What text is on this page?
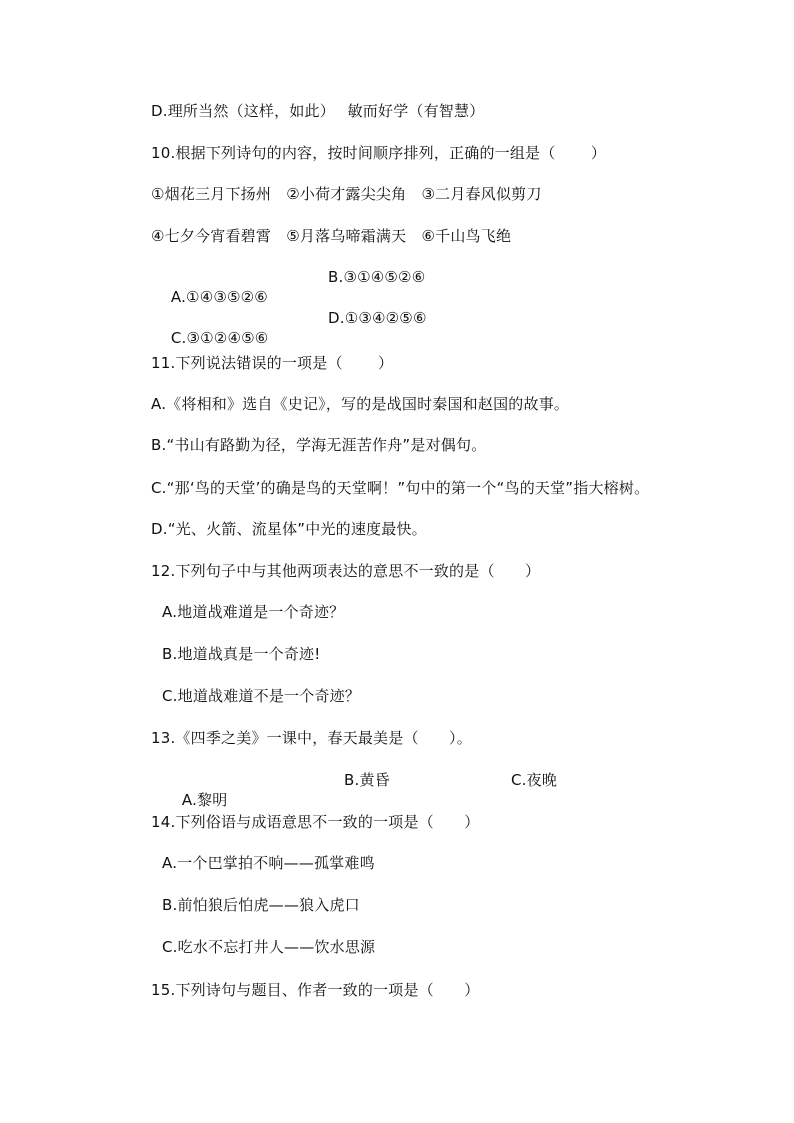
D.理所当然（这样，如此）　 敏而好学（有智慧）
10.根据下列诗句的内容，按时间顺序排列，正确的一组是（　　 ）
①烟花三月下扬州　②小荷才露尖尖角　③二月春风似剪刀
④七夕今宵看碧霄　⑤月落乌啼霜满天　⑥千山鸟飞绝

A.①④③⑤②⑥

B.③①④⑤②⑥

C.③①②④⑤⑥

D.①③④②⑤⑥

11.下列说法错误的一项是（　　 ）
A.《将相和》选自《史记》，写的是战国时秦国和赵国的故事。
B.“书山有路勤为径，学海无涯苦作舟”是对偶句。
C.“那‘鸟的天堂’的确是鸟的天堂啊！”句中的第一个“鸟的天堂”指大榕树。
D.“光、火箭、流星体”中光的速度最快。
12.下列句子中与其他两项表达的意思不一致的是（　　）
A.地道战难道是一个奇迹？
B.地道战真是一个奇迹!
C.地道战难道不是一个奇迹？
13.《四季之美》一课中，春天最美是（　　）。

A.黎明

B.黄昏

	C.夜晚

14.下列俗语与成语意思不一致的一项是（　　）
A.一个巴掌拍不响——孤掌难鸣
B.前怕狼后怕虎——狼入虎口
C.吃水不忘打井人——饮水思源
15.下列诗句与题目、作者一致的一项是（　　）
